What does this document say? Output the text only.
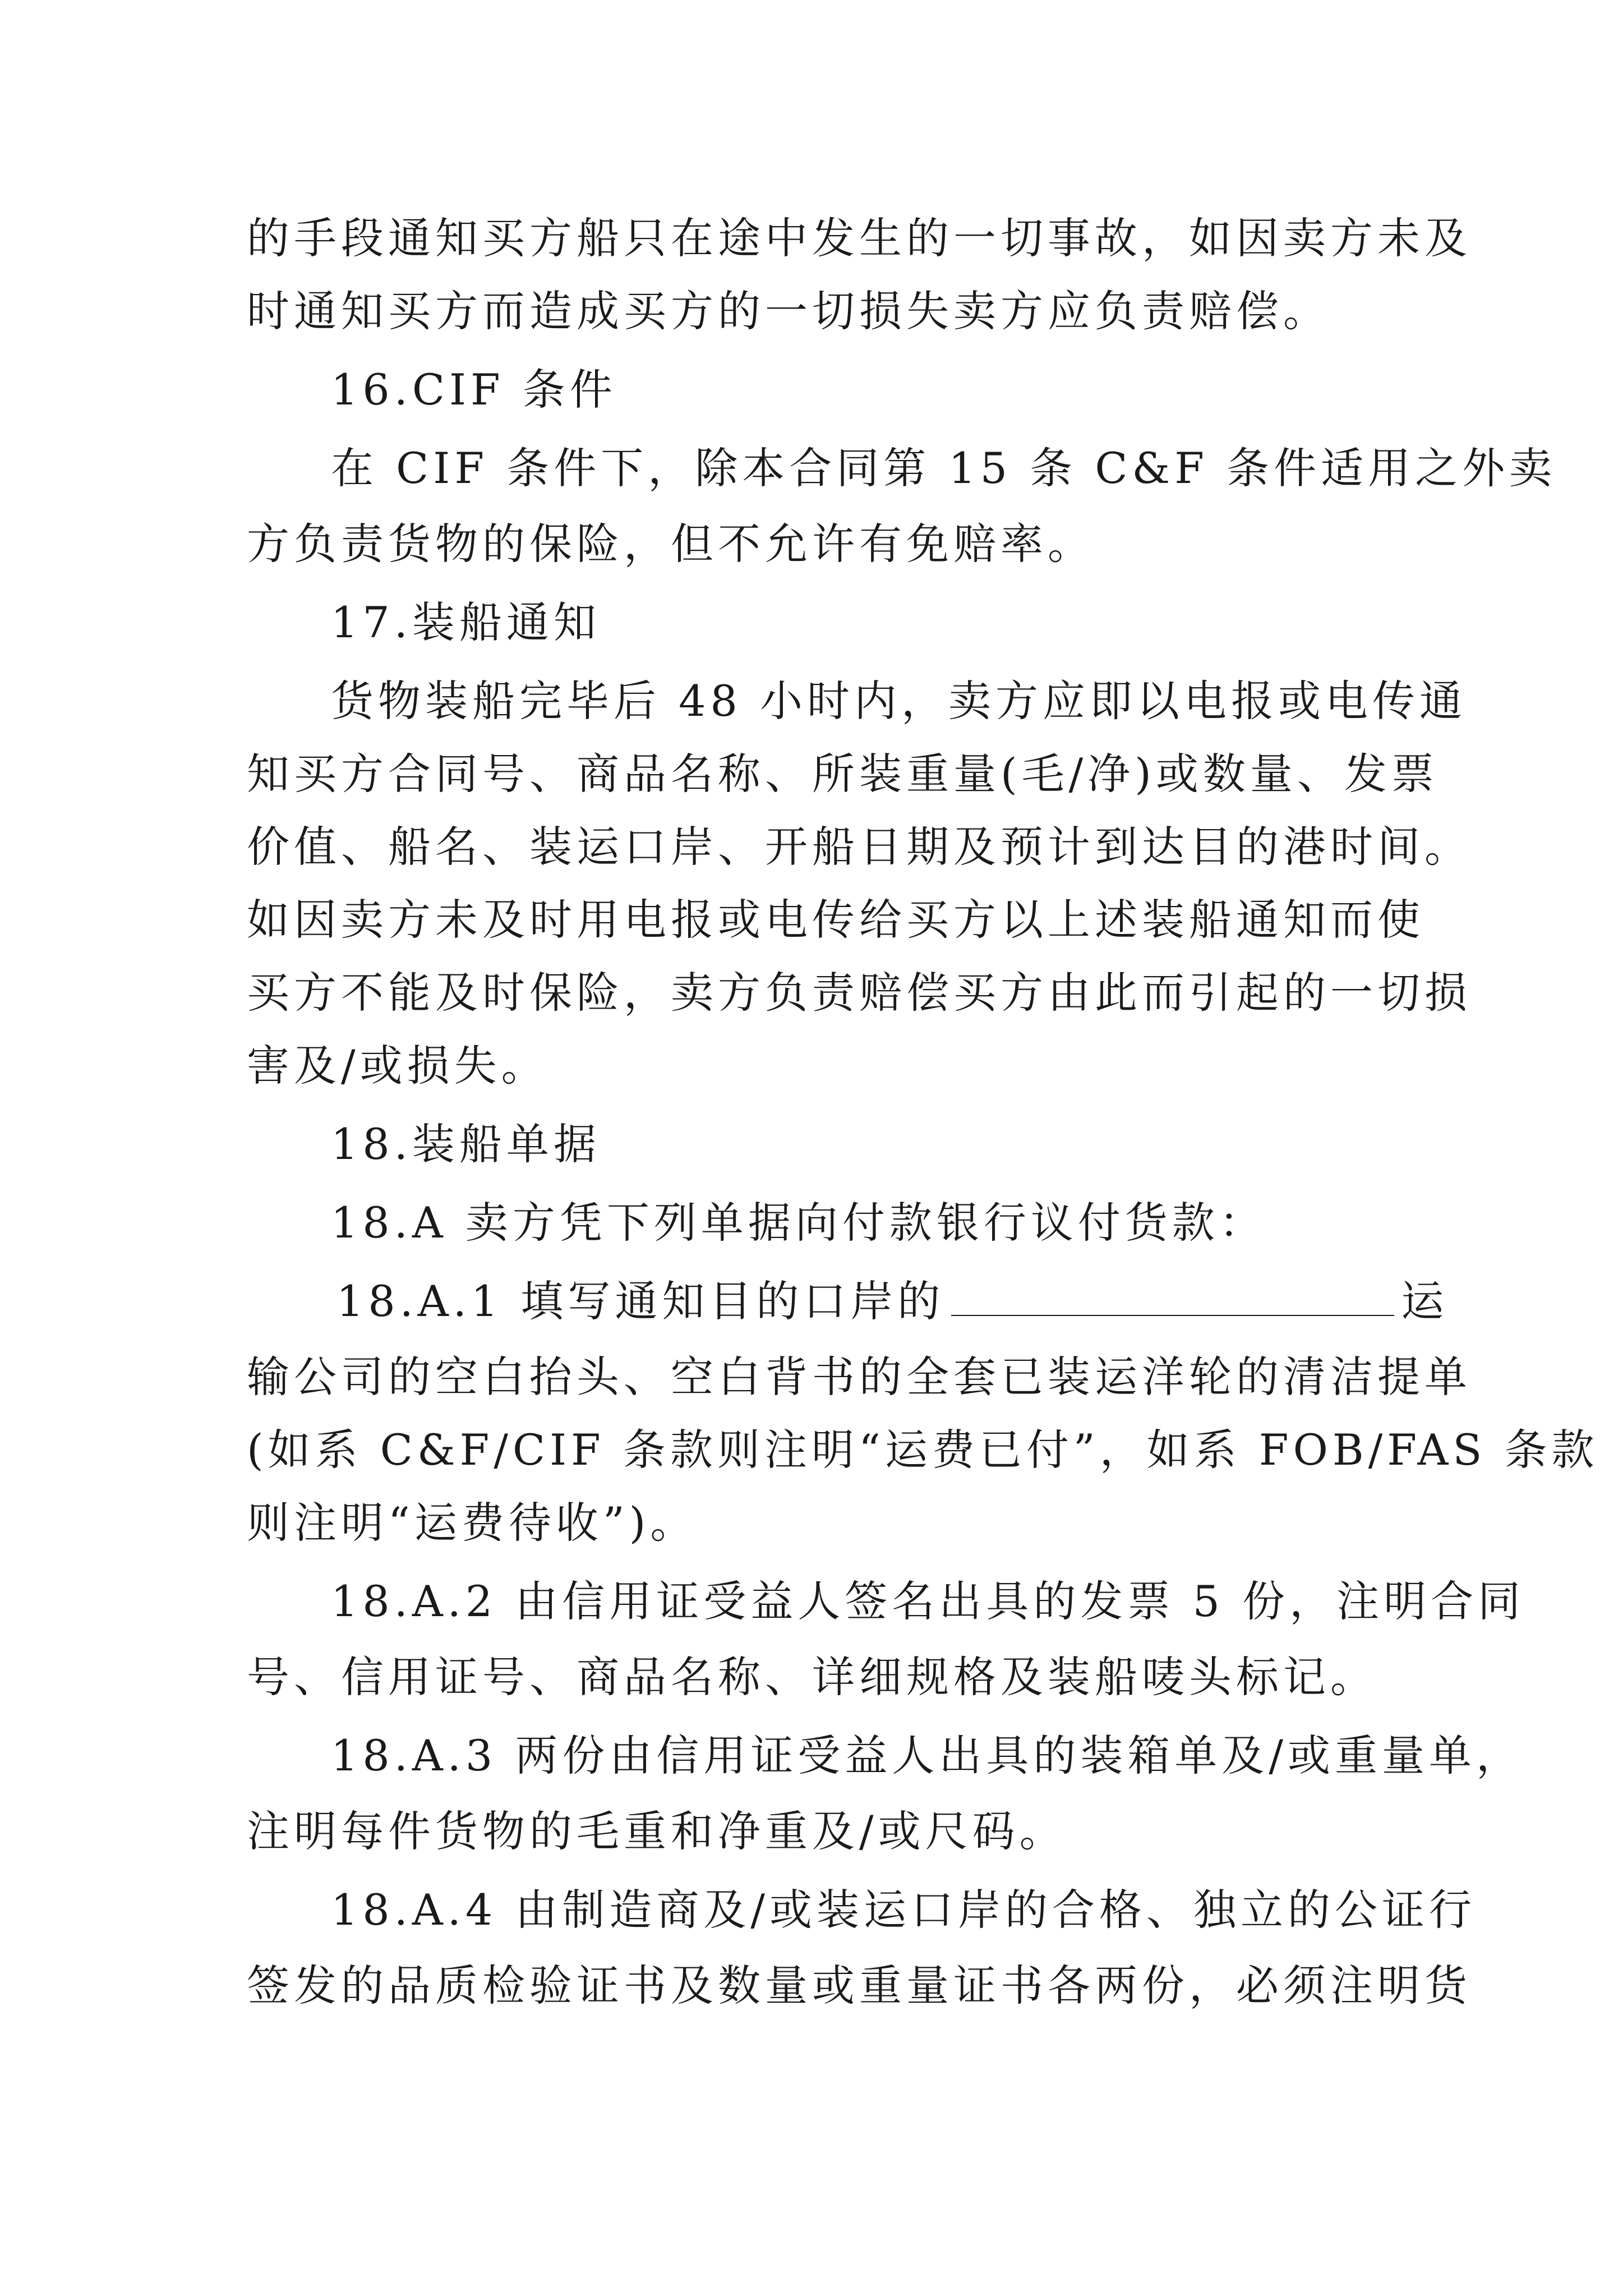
的手段通知买方船只在途中发生的一切事故，如因卖方未及
时通知买方而造成买方的一切损失卖方应负责赔偿。
16.CIF 条件
在 CIF 条件下，除本合同第 15 条 C&F 条件适用之外卖
方负责货物的保险，但不允许有免赔率。
17.装船通知
货物装船完毕后 48 小时内，卖方应即以电报或电传通
知买方合同号、商品名称、所装重量(毛/净)或数量、发票
价值、船名、装运口岸、开船日期及预计到达目的港时间。
如因卖方未及时用电报或电传给买方以上述装船通知而使
买方不能及时保险，卖方负责赔偿买方由此而引起的一切损
害及/或损失。
18.装船单据
18.A 卖方凭下列单据向付款银行议付货款：
18.A.1 填写通知目的口岸的	运
输公司的空白抬头、空白背书的全套已装运洋轮的清洁提单
(如系 C&F/CIF 条款则注明“运费已付”，如系 FOB/FAS 条款
则注明“运费待收”)。
18.A.2 由信用证受益人签名出具的发票 5 份，注明合同
号、信用证号、商品名称、详细规格及装船唛头标记。
18.A.3 两份由信用证受益人出具的装箱单及/或重量单，
注明每件货物的毛重和净重及/或尺码。
18.A.4 由制造商及/或装运口岸的合格、独立的公证行
签发的品质检验证书及数量或重量证书各两份，必须注明货
